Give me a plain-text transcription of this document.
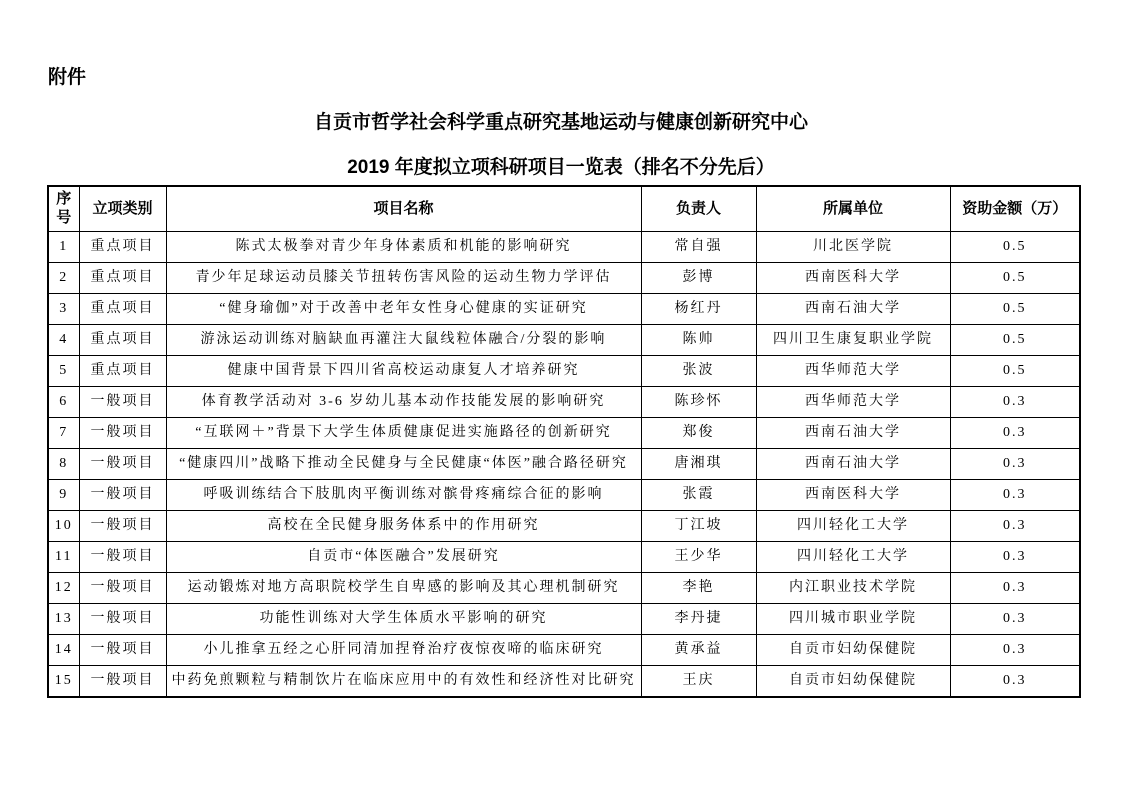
附件
自贡市哲学社会科学重点研究基地运动与健康创新研究中心
2019 年度拟立项科研项目一览表（排名不分先后）
序号	立项类别	项目名称	负责人	所属单位	资助金额（万）
1	重点项目	陈式太极拳对青少年身体素质和机能的影响研究	常自强	川北医学院	0.5
2	重点项目	青少年足球运动员膝关节扭转伤害风险的运动生物力学评估	彭博	西南医科大学	0.5
3	重点项目	“健身瑜伽”对于改善中老年女性身心健康的实证研究	杨红丹	西南石油大学	0.5
4	重点项目	游泳运动训练对脑缺血再灌注大鼠线粒体融合/分裂的影响	陈帅	四川卫生康复职业学院	0.5
5	重点项目	健康中国背景下四川省高校运动康复人才培养研究	张波	西华师范大学	0.5
6	一般项目	体育教学活动对 3-6 岁幼儿基本动作技能发展的影响研究	陈珍怀	西华师范大学	0.3
7	一般项目	“互联网＋”背景下大学生体质健康促进实施路径的创新研究	郑俊	西南石油大学	0.3
8	一般项目	“健康四川”战略下推动全民健身与全民健康“体医”融合路径研究	唐湘琪	西南石油大学	0.3
9	一般项目	呼吸训练结合下肢肌肉平衡训练对髌骨疼痛综合征的影响	张霞	西南医科大学	0.3
10	一般项目	高校在全民健身服务体系中的作用研究	丁江坡	四川轻化工大学	0.3
11	一般项目	自贡市“体医融合”发展研究	王少华	四川轻化工大学	0.3
12	一般项目	运动锻炼对地方高职院校学生自卑感的影响及其心理机制研究	李艳	内江职业技术学院	0.3
13	一般项目	功能性训练对大学生体质水平影响的研究	李丹捷	四川城市职业学院	0.3
14	一般项目	小儿推拿五经之心肝同清加捏脊治疗夜惊夜啼的临床研究	黄承益	自贡市妇幼保健院	0.3
15	一般项目	中药免煎颗粒与精制饮片在临床应用中的有效性和经济性对比研究	王庆	自贡市妇幼保健院	0.3
